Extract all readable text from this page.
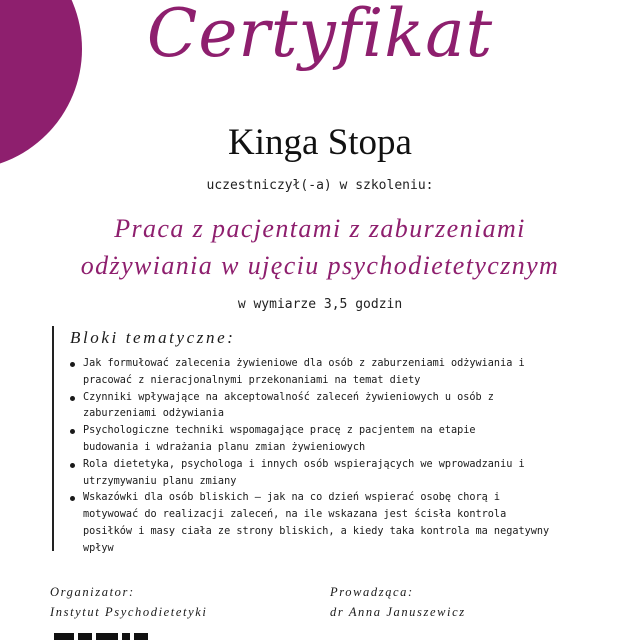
Certyfikat
Kinga Stopa
uczestniczył(-a) w szkoleniu:
Praca z pacjentami z zaburzeniami
odżywiania w ujęciu psychodietetycznym
w wymiarze 3,5 godzin
Bloki tematyczne:
Jak formułować zalecenia żywieniowe dla osób z zaburzeniami odżywiania i
pracować z nieracjonalnymi przekonaniami na temat diety
Czynniki wpływające na akceptowalność zaleceń żywieniowych u osób z
zaburzeniami odżywiania
Psychologiczne techniki wspomagające pracę z pacjentem na etapie
budowania i wdrażania planu zmian żywieniowych
Rola dietetyka, psychologa i innych osób wspierających we wprowadzaniu i
utrzymywaniu planu zmiany
Wskazówki dla osób bliskich — jak na co dzień wspierać osobę chorą i
motywować do realizacji zaleceń, na ile wskazana jest ścisła kontrola
posiłków i masy ciała ze strony bliskich, a kiedy taka kontrola ma negatywny
wpływ
Organizator:
Instytut Psychodietetyki
Prowadząca:
dr Anna Januszewicz
